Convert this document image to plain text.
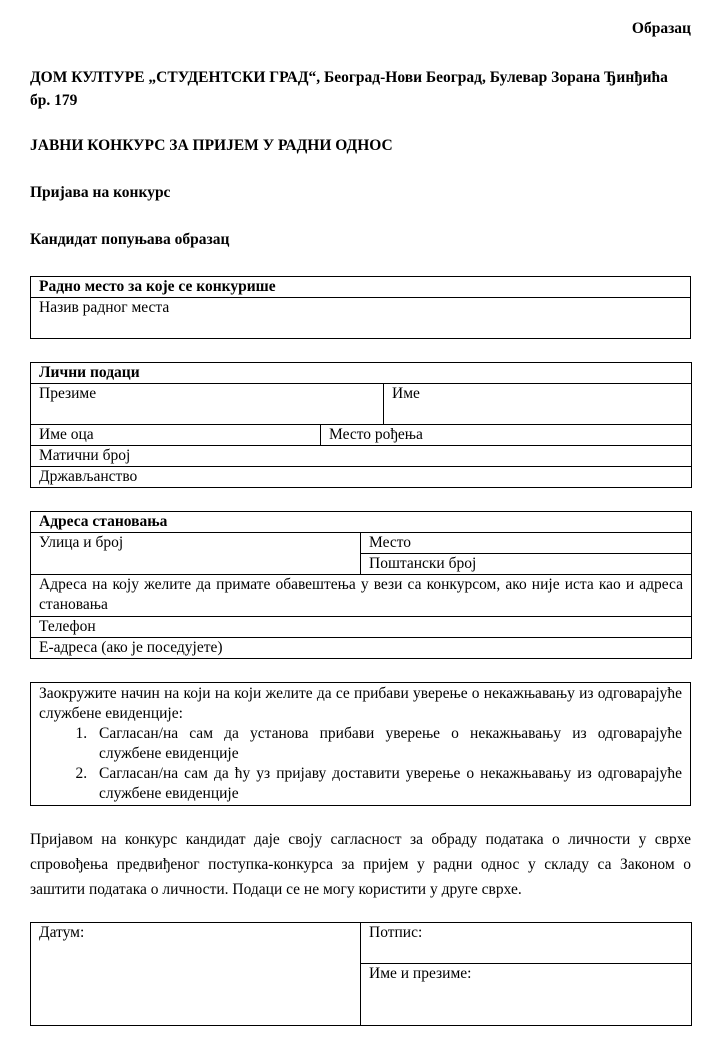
Образац
ДОМ КУЛТУРЕ „СТУДЕНТСКИ ГРАД“, Београд-Нови Београд, Булевар Зорана Ђинђића бр. 179
ЈАВНИ КОНКУРС ЗА ПРИЈЕМ У РАДНИ ОДНОС
Пријава на конкурс
Кандидат попуњава образац
Радно место за које се конкурише
Назив радног места
Лични подаци		
Презиме		Име
Име оца	Место рођења	
Матични број		
Држављанство		
Адреса становања
Улица и број	Место
Поштански број
Адреса на коју желите да примате обавештења у вези са конкурсом, ако није иста као и адреса становања
Телефон
Е-адреса (ако је поседујете)
Заокружите начин на који на који желите да се прибави уверење о некажњавању из одговарајуће службене евиденције:
1. Сагласан/на сам да установа прибави уверење о некажњавању из одговарајуће службене евиденције
2. Сагласан/на сам да ћу уз пријаву доставити уверење о некажњавању из одговарајуће службене евиденције
Пријавом на конкурс кандидат даје своју сагласност за обраду података о личности у сврхе спровођења предвиђеног поступка-конкурса за пријем у радни однос у складу са Законом о заштити података о личности. Подаци се не могу користити у друге сврхе.
Датум:	Потпис:
Име и презиме:
